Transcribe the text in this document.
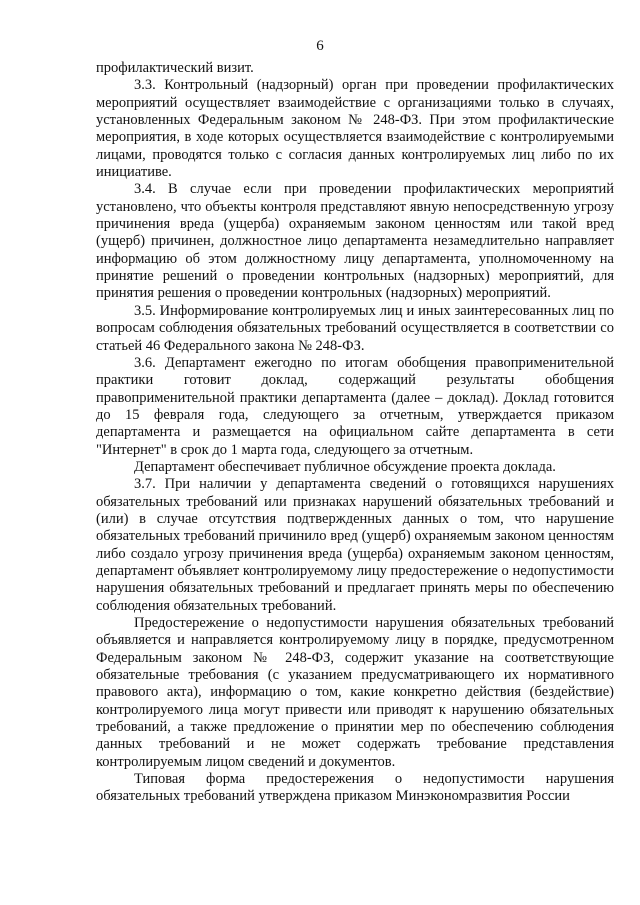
6

профилактический визит.

3.3. Контрольный (надзорный) орган при проведении профилактических мероприятий осуществляет взаимодействие с организациями только в случаях, установленных Федеральным законом № 248-ФЗ. При этом профилактические мероприятия, в ходе которых осуществляется взаимодействие с контролируемыми лицами, проводятся только с согласия данных контролируемых лиц либо по их инициативе.

3.4. В случае если при проведении профилактических мероприятий установлено, что объекты контроля представляют явную непосредственную угрозу причинения вреда (ущерба) охраняемым законом ценностям или такой вред (ущерб) причинен, должностное лицо департамента незамедлительно направляет информацию об этом должностному лицу департамента, уполномоченному на принятие решений о проведении контрольных (надзорных) мероприятий, для принятия решения о проведении контрольных (надзорных) мероприятий.

3.5. Информирование контролируемых лиц и иных заинтересованных лиц по вопросам соблюдения обязательных требований осуществляется в соответствии со статьей 46 Федерального закона № 248-ФЗ.

3.6. Департамент ежегодно по итогам обобщения правоприменительной практики готовит доклад, содержащий результаты обобщения правоприменительной практики департамента (далее – доклад). Доклад готовится до 15 февраля года, следующего за отчетным, утверждается приказом департамента и размещается на официальном сайте департамента в сети "Интернет" в срок до 1 марта года, следующего за отчетным.

Департамент обеспечивает публичное обсуждение проекта доклада.

3.7. При наличии у департамента сведений о готовящихся нарушениях обязательных требований или признаках нарушений обязательных требований и (или) в случае отсутствия подтвержденных данных о том, что нарушение обязательных требований причинило вред (ущерб) охраняемым законом ценностям либо создало угрозу причинения вреда (ущерба) охраняемым законом ценностям, департамент объявляет контролируемому лицу предостережение о недопустимости нарушения обязательных требований и предлагает принять меры по обеспечению соблюдения обязательных требований.

Предостережение о недопустимости нарушения обязательных требований объявляется и направляется контролируемому лицу в порядке, предусмотренном Федеральным законом № 248-ФЗ, содержит указание на соответствующие обязательные требования (с указанием предусматривающего их нормативного правового акта), информацию о том, какие конкретно действия (бездействие) контролируемого лица могут привести или приводят к нарушению обязательных требований, а также предложение о принятии мер по обеспечению соблюдения данных требований и не может содержать требование представления контролируемым лицом сведений и документов.

Типовая форма предостережения о недопустимости нарушения обязательных требований утверждена приказом Минэкономразвития России
